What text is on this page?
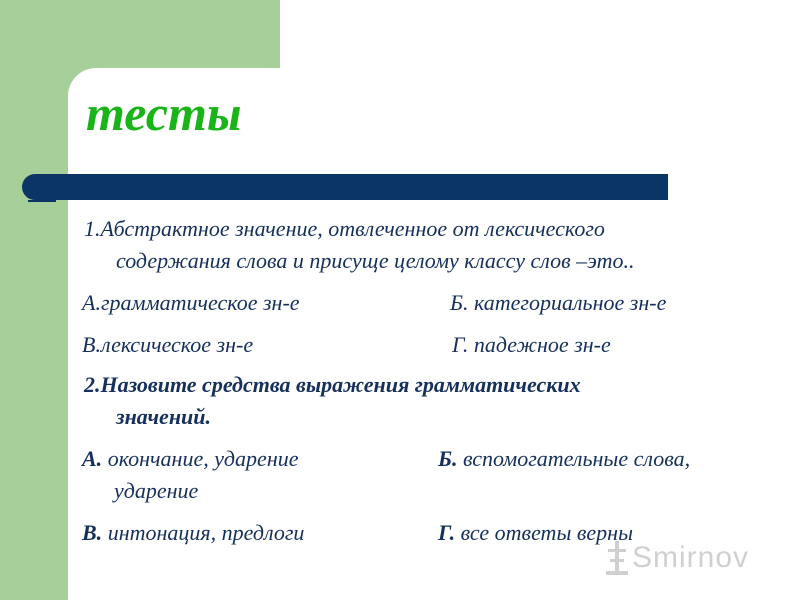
тесты
1.Абстрактное значение, отвлеченное от лексического
содержания слова и присуще целому классу слов –это..
А.грамматическое зн-е	Б. категориальное зн-е
В.лексическое зн-е	Г. падежное зн-е
2.Назовите средства выражения грамматических
значений.
А. окончание, ударение	Б. вспомогательные слова,
ударение
В. интонация, предлоги	Г. все ответы верны
Smirnov
